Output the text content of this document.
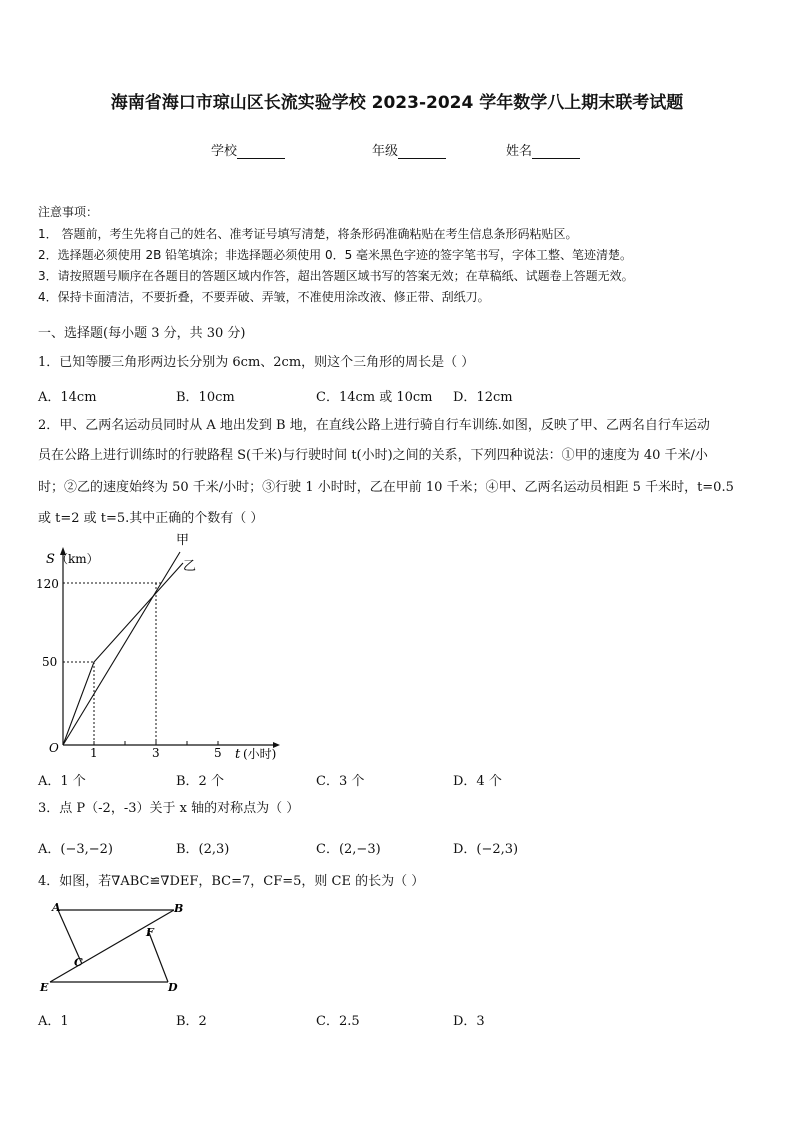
海南省海口市琼山区长流实验学校 2023-2024 学年数学八上期末联考试题
学校	年级	姓名
注意事项：
1． 答题前，考生先将自己的姓名、准考证号填写清楚，将条形码准确粘贴在考生信息条形码粘贴区。
2．选择题必须使用 2B 铅笔填涂；非选择题必须使用 0．5 毫米黑色字迹的签字笔书写，字体工整、笔迹清楚。
3．请按照题号顺序在各题目的答题区域内作答，超出答题区域书写的答案无效；在草稿纸、试题卷上答题无效。
4．保持卡面清洁，不要折叠，不要弄破、弄皱，不准使用涂改液、修正带、刮纸刀。
一、选择题(每小题 3 分，共 30 分)
1．已知等腰三角形两边长分别为 6cm、2cm，则这个三角形的周长是（ ）
A．14cm	B．10cm	C．14cm 或 10cm D．12cm
2．甲、乙两名运动员同时从 A 地出发到 B 地，在直线公路上进行骑自行车训练.如图，反映了甲、乙两名自行车运动
员在公路上进行训练时的行驶路程 S(千米)与行驶时间 t(小时)之间的关系，下列四种说法：①甲的速度为 40 千米/小
时；②乙的速度始终为 50 千米/小时；③行驶 1 小时时，乙在甲前 10 千米；④甲、乙两名运动员相距 5 千米时，t=0.5
或 t=2 或 t=5.其中正确的个数有（ ）
S （km）
120
50
O	1	3	5 t (小时)
甲
乙
A．1 个	B．2 个	C．3 个	D．4 个
3．点 P（-2，-3）关于 x 轴的对称点为（ ）
A．(−3,−2)	B．(2,3)	C．(2,−3)	D．(−2,3)
4．如图，若∇ABC≌∇DEF，BC=7，CF=5，则 CE 的长为（ ）
A	B
C
D
E
F
A．1	B．2	C．2.5	D．3
